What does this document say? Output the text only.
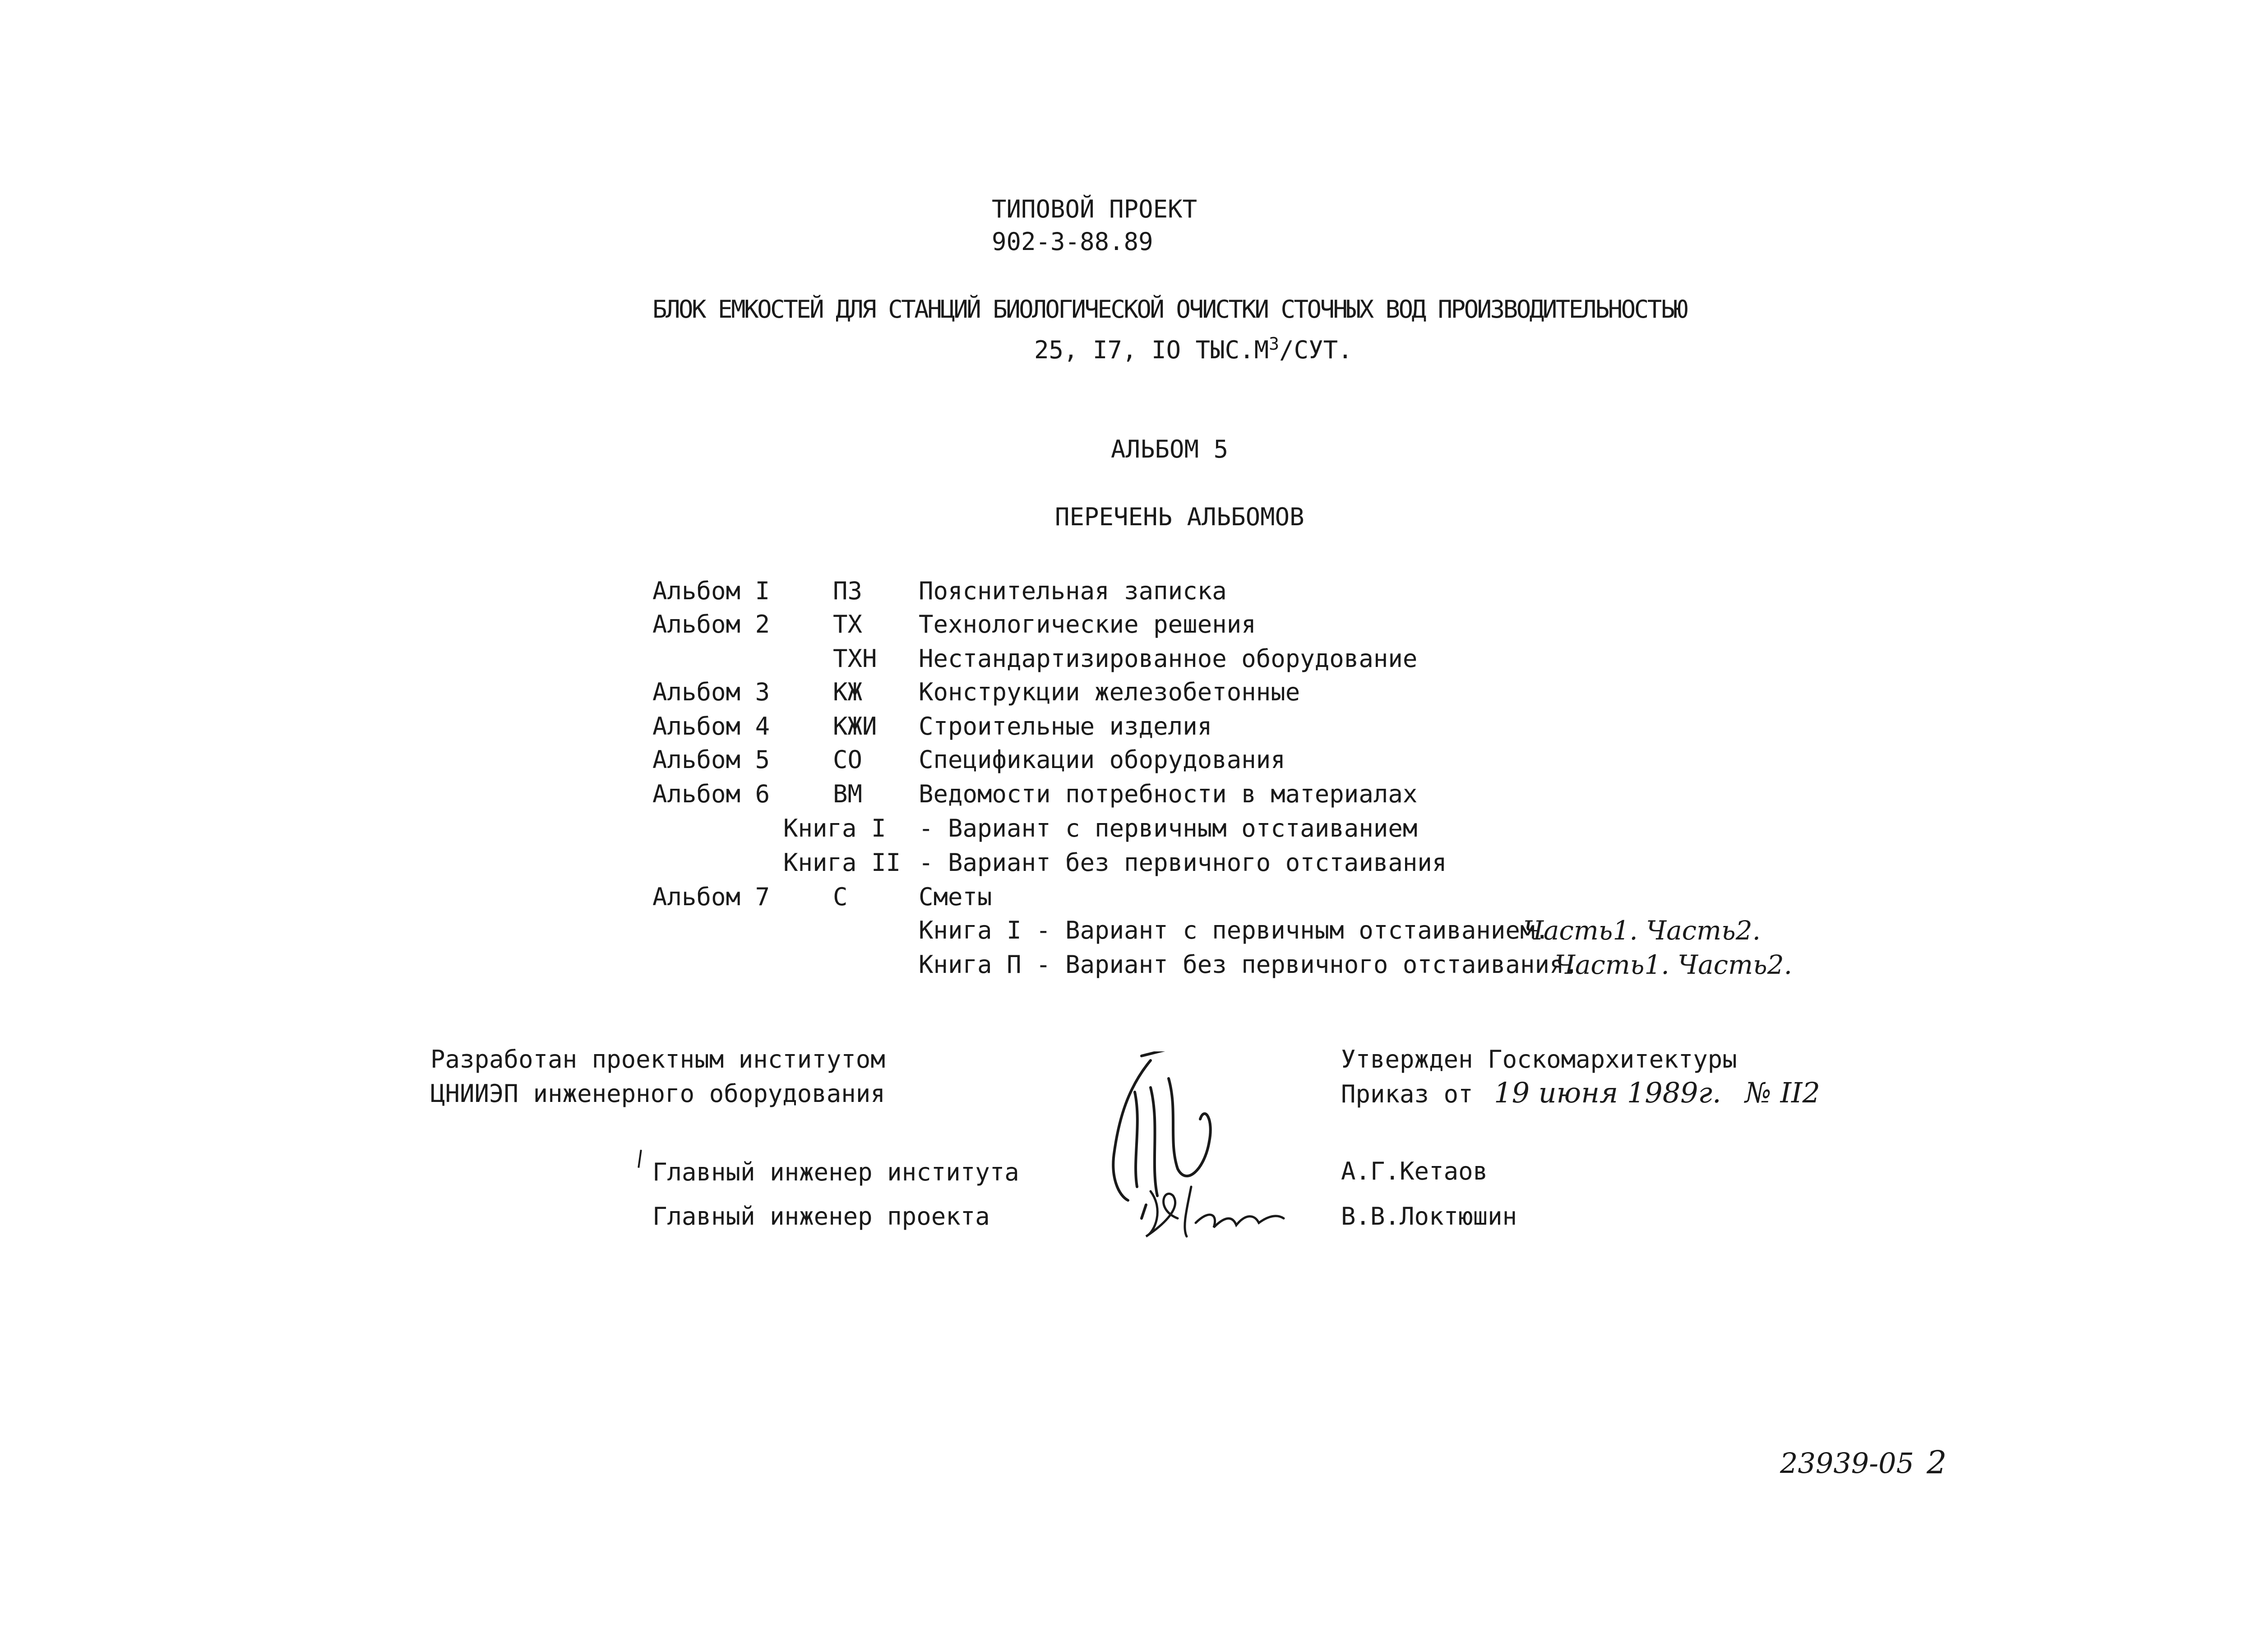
ТИПОВОЙ ПРОЕКТ
902-3-88.89
БЛОК ЕМКОСТЕЙ ДЛЯ СТАНЦИЙ БИОЛОГИЧЕСКОЙ ОЧИСТКИ СТОЧНЫХ ВОД ПРОИЗВОДИТЕЛЬНОСТЬЮ
25, I7, IO $ТЫС.М^3$/СУТ.
АЛЬБОМ 5
ПЕРЕЧЕНЬ АЛЬБОМОВ
Альбом I	ПЗ Пояснительная записка
Альбом 2	ТХ Технологические решения
ТХН Нестандартизированное оборудование
Альбом 3	КЖ Конструкции железобетонные
Альбом 4	КЖИ Строительные изделия
Альбом 5	СО Спецификации оборудования
Альбом 6	ВМ Ведомости потребности в материалах
Книга I - Вариант с первичным отстаиванием
Книга II - Вариант без первичного отстаивания
Альбом 7	С	Сметы
Книга I - Вариант с первичным отстаиванием.
Часть1. Часть2.
Книга П - Вариант без первичного отстаивания.
Часть1. Часть2.
Разработан проектным институтом
ЦНИИЭП инженерного оборудования
Утвержден Госкомархитектуры
Приказ от 19 июня 1989г. № II2
Главный инженер института	А.Г.Кетаов
Главный инженер проекта	В.В.Локтюшин
23939-05 2
